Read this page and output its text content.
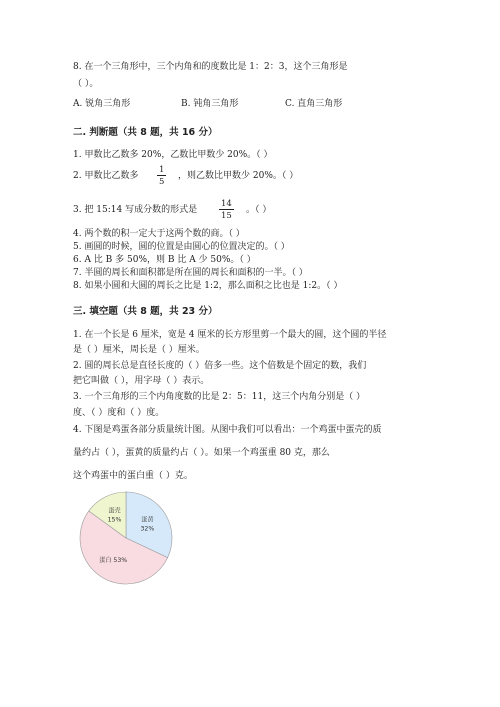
8. 在一个三角形中，三个内角和的度数比是 1：2：3，这个三角形是
（ ）。
A. 锐角三角形	B. 钝角三角形	C. 直角三角形
二. 判断题（共 8 题，共 16 分）
1. 甲数比乙数多 20%，乙数比甲数少 20%。（ ）
2. 甲数比乙数多 $\frac{1}{5}$ ，则乙数比甲数少 20%。（ ）
3. 把 15:14 写成分数的形式是	$\frac{14}{15}$ 。（ ）
4. 两个数的积一定大于这两个数的商。（ ）
5. 画圆的时候，圆的位置是由圆心的位置决定的。（ ）
6. A 比 B 多 50%，则 B 比 A 少 50%。（ ）
7. 半圆的周长和面积都是所在圆的周长和面积的一半。（ ）
8. 如果小圆和大圆的周长之比是 1:2，那么面积之比也是 1:2。（ ）
三. 填空题（共 8 题，共 23 分）
1. 在一个长是 6 厘米，宽是 4 厘米的长方形里剪一个最大的圆，这个圆的半径
是（ ）厘米，周长是（ ）厘米。
2. 圆的周长总是直径长度的（ ）倍多一些。这个倍数是个固定的数，我们
把它叫做（ ），用字母（ ）表示。
3. 一个三角形的三个内角度数的比是 2：5：11，这三个内角分别是（ ）
度、（ ）度和（ ）度。
4. 下图是鸡蛋各部分质量统计图。从图中我们可以看出：一个鸡蛋中蛋壳的质
量约占（ ），蛋黄的质量约占（ ）。如果一个鸡蛋重 80 克，那么
这个鸡蛋中的蛋白重（ ）克。
蛋黄
32%
蛋白 53%
蛋壳
15%
